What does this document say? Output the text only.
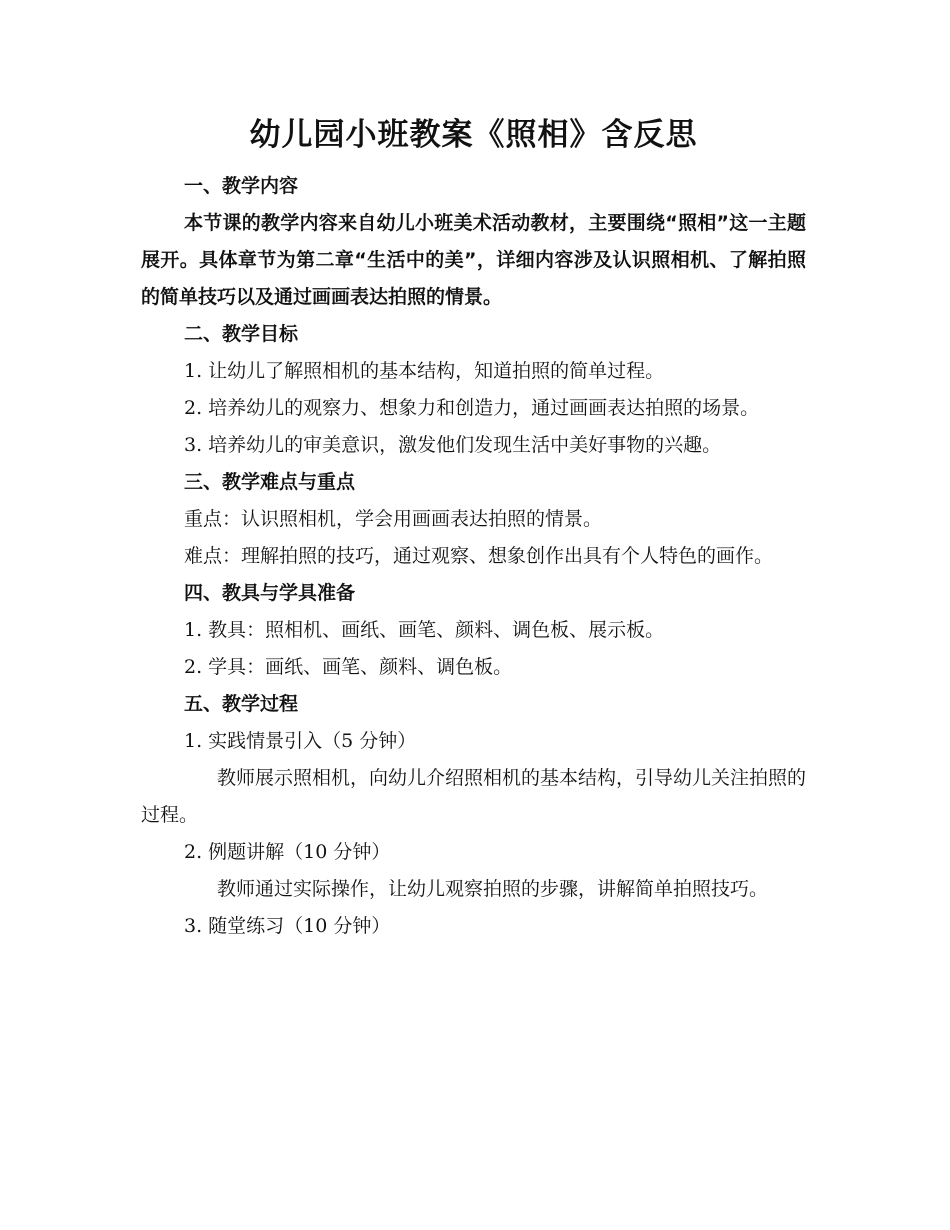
幼儿园小班教案《照相》含反思

一、教学内容

本节课的教学内容来自幼儿小班美术活动教材，主要围绕“照相”这一主题展开。具体章节为第二章“生活中的美”，详细内容涉及认识照相机、了解拍照的简单技巧以及通过画画表达拍照的情景。

二、教学目标

1. 让幼儿了解照相机的基本结构，知道拍照的简单过程。

2. 培养幼儿的观察力、想象力和创造力，通过画画表达拍照的场景。

3. 培养幼儿的审美意识，激发他们发现生活中美好事物的兴趣。

三、教学难点与重点

重点：认识照相机，学会用画画表达拍照的情景。

难点：理解拍照的技巧，通过观察、想象创作出具有个人特色的画作。

四、教具与学具准备

1. 教具：照相机、画纸、画笔、颜料、调色板、展示板。

2. 学具：画纸、画笔、颜料、调色板。

五、教学过程

1. 实践情景引入（5 分钟）

教师展示照相机，向幼儿介绍照相机的基本结构，引导幼儿关注拍照的过程。

2. 例题讲解（10 分钟）

教师通过实际操作，让幼儿观察拍照的步骤，讲解简单拍照技巧。

3. 随堂练习（10 分钟）
